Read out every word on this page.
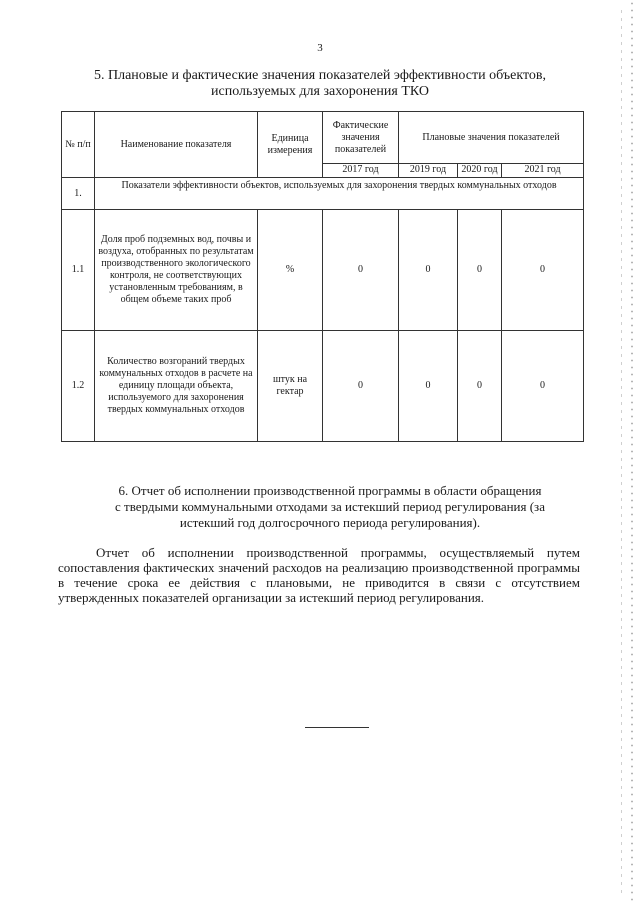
3
5. Плановые и фактические значения показателей эффективности объектов,
используемых для захоронения ТКО
№ п/п	Наименование показателя	Единица измерения	Фактические значения показателей	Плановые значения показателей		
			2017 год	2019 год	2020 год	2021 год
1.	Показатели эффективности объектов, используемых для захоронения твердых коммунальных отходов					
1.1	Доля проб подземных вод, почвы и воздуха, отобранных по результатам производственного экологического контроля, не соответствующих установленным требованиям, в общем объеме таких проб	%	0	0	0	0
1.2	Количество возгораний твердых коммунальных отходов в расчете на единицу площади объекта, используемого для захоронения твердых коммунальных отходов	штук на гектар	0	0	0	0
6. Отчет об исполнении производственной программы в области обращения
с твердыми коммунальными отходами за истекший период регулирования (за
истекший год долгосрочного периода регулирования).

Отчет об исполнении производственной программы, осуществляемый путем сопоставления фактических значений расходов на реализацию производственной программы в течение срока ее действия с плановыми, не приводится в связи с отсутствием утвержденных показателей организации за истекший период регулирования.
